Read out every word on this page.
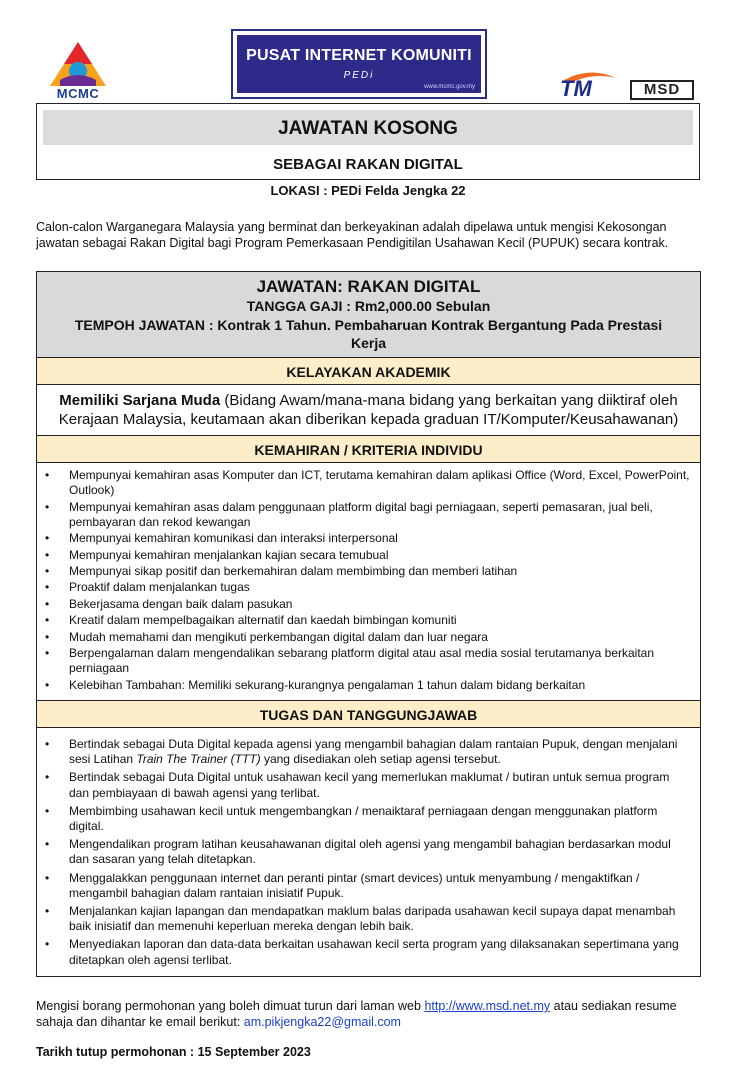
MCMC
PUSAT INTERNET KOMUNITI
PEDi
www.mcmc.gov.my	TM	MSD
JAWATAN KOSONG
SEBAGAI RAKAN DIGITAL
LOKASI : PEDi Felda Jengka 22
Calon-calon Warganegara Malaysia yang berminat dan berkeyakinan adalah dipelawa untuk mengisi Kekosongan jawatan sebagai Rakan Digital bagi Program Pemerkasaan Pendigitilan Usahawan Kecil (PUPUK) secara kontrak.
JAWATAN: RAKAN DIGITAL
TANGGA GAJI : Rm2,000.00 Sebulan
TEMPOH JAWATAN : Kontrak 1 Tahun. Pembaharuan Kontrak Bergantung Pada Prestasi Kerja
KELAYAKAN AKADEMIK
Memiliki Sarjana Muda (Bidang Awam/mana-mana bidang yang berkaitan yang diiktiraf oleh Kerajaan Malaysia, keutamaan akan diberikan kepada graduan IT/Komputer/Keusahawanan)
KEMAHIRAN / KRITERIA INDIVIDU
• Mempunyai kemahiran asas Komputer dan ICT, terutama kemahiran dalam aplikasi Office (Word, Excel, PowerPoint, Outlook)
• Mempunyai kemahiran asas dalam penggunaan platform digital bagi perniagaan, seperti pemasaran, jual beli, pembayaran dan rekod kewangan
• Mempunyai kemahiran komunikasi dan interaksi interpersonal
• Mempunyai kemahiran menjalankan kajian secara temubual
• Mempunyai sikap positif dan berkemahiran dalam membimbing dan memberi latihan
• Proaktif dalam menjalankan tugas
• Bekerjasama dengan baik dalam pasukan
• Kreatif dalam mempelbagaikan alternatif dan kaedah bimbingan komuniti
• Mudah memahami dan mengikuti perkembangan digital dalam dan luar negara
• Berpengalaman dalam mengendalikan sebarang platform digital atau asal media sosial terutamanya berkaitan perniagaan
• Kelebihan Tambahan: Memiliki sekurang-kurangnya pengalaman 1 tahun dalam bidang berkaitan
TUGAS DAN TANGGUNGJAWAB
• Bertindak sebagai Duta Digital kepada agensi yang mengambil bahagian dalam rantaian Pupuk, dengan menjalani sesi Latihan Train The Trainer (TTT) yang disediakan oleh setiap agensi tersebut.
• Bertindak sebagai Duta Digital untuk usahawan kecil yang memerlukan maklumat / butiran untuk semua program dan pembiayaan di bawah agensi yang terlibat.
• Membimbing usahawan kecil untuk mengembangkan / menaiktaraf perniagaan dengan menggunakan platform digital.
• Mengendalikan program latihan keusahawanan digital oleh agensi yang mengambil bahagian berdasarkan modul dan sasaran yang telah ditetapkan.
• Menggalakkan penggunaan internet dan peranti pintar (smart devices) untuk menyambung / mengaktifkan / mengambil bahagian dalam rantaian inisiatif Pupuk.
• Menjalankan kajian lapangan dan mendapatkan maklum balas daripada usahawan kecil supaya dapat menambah baik inisiatif dan memenuhi keperluan mereka dengan lebih baik.
• Menyediakan laporan dan data-data berkaitan usahawan kecil serta program yang dilaksanakan sepertimana yang ditetapkan oleh agensi terlibat.
Mengisi borang permohonan yang boleh dimuat turun dari laman web http://www.msd.net.my atau sediakan resume sahaja dan dihantar ke email berikut: am.pikjengka22@gmail.com
Tarikh tutup permohonan : 15 September 2023
